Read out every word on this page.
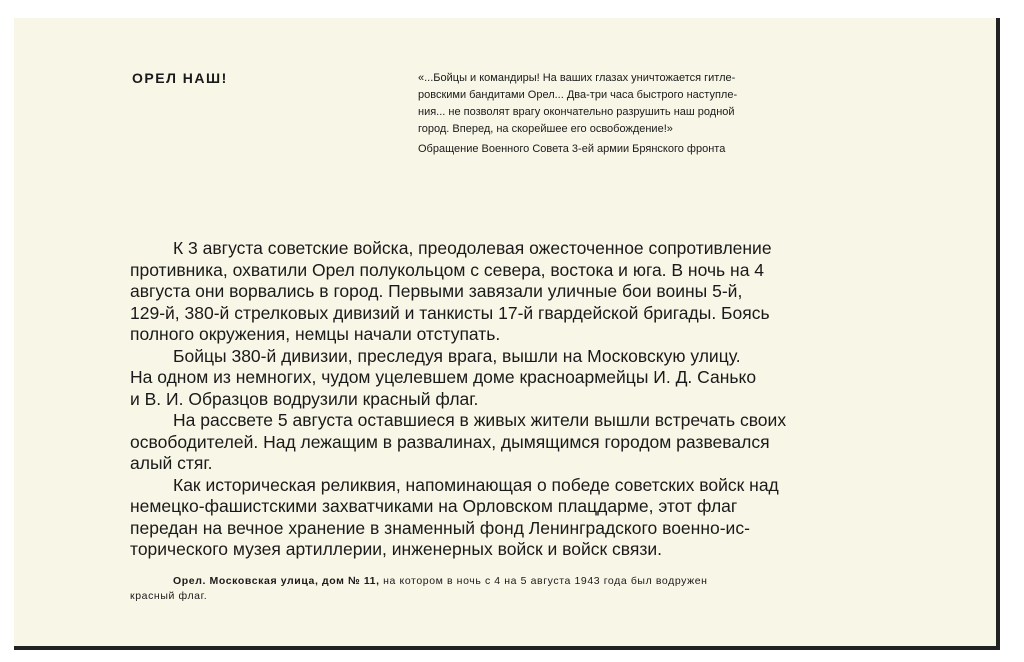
ОРЕЛ НАШ!	«...Бойцы и командиры! На ваших глазах уничтожается гитле-
ровскими бандитами Орел... Два-три часа быстрого наступле-
ния... не позволят врагу окончательно разрушить наш родной
город. Вперед, на скорейшее его освобождение!»
Обращение Военного Совета 3-ей армии Брянского фронта
К 3 августа советские войска, преодолевая ожесточенное сопротивление
противника, охватили Орел полукольцом с севера, востока и юга. В ночь на 4
августа они ворвались в город. Первыми завязали уличные бои воины 5-й,
129-й, 380-й стрелковых дивизий и танкисты 17-й гвардейской бригады. Боясь
полного окружения, немцы начали отступать.
Бойцы 380-й дивизии, преследуя врага, вышли на Московскую улицу.
На одном из немногих, чудом уцелевшем доме красноармейцы И. Д. Санько
и В. И. Образцов водрузили красный флаг.
На рассвете 5 августа оставшиеся в живых жители вышли встречать своих
освободителей. Над лежащим в развалинах, дымящимся городом развевался
алый стяг.
Как историческая реликвия, напоминающая о победе советских войск над
немецко-фашистскими захватчиками на Орловском плацдарме, этот флаг
передан на вечное хранение в знаменный фонд Ленинградского военно-ис-
торического музея артиллерии, инженерных войск и войск связи.
Орел. Московская улица, дом № 11, на котором в ночь с 4 на 5 августа 1943 года был водружен
красный флаг.
